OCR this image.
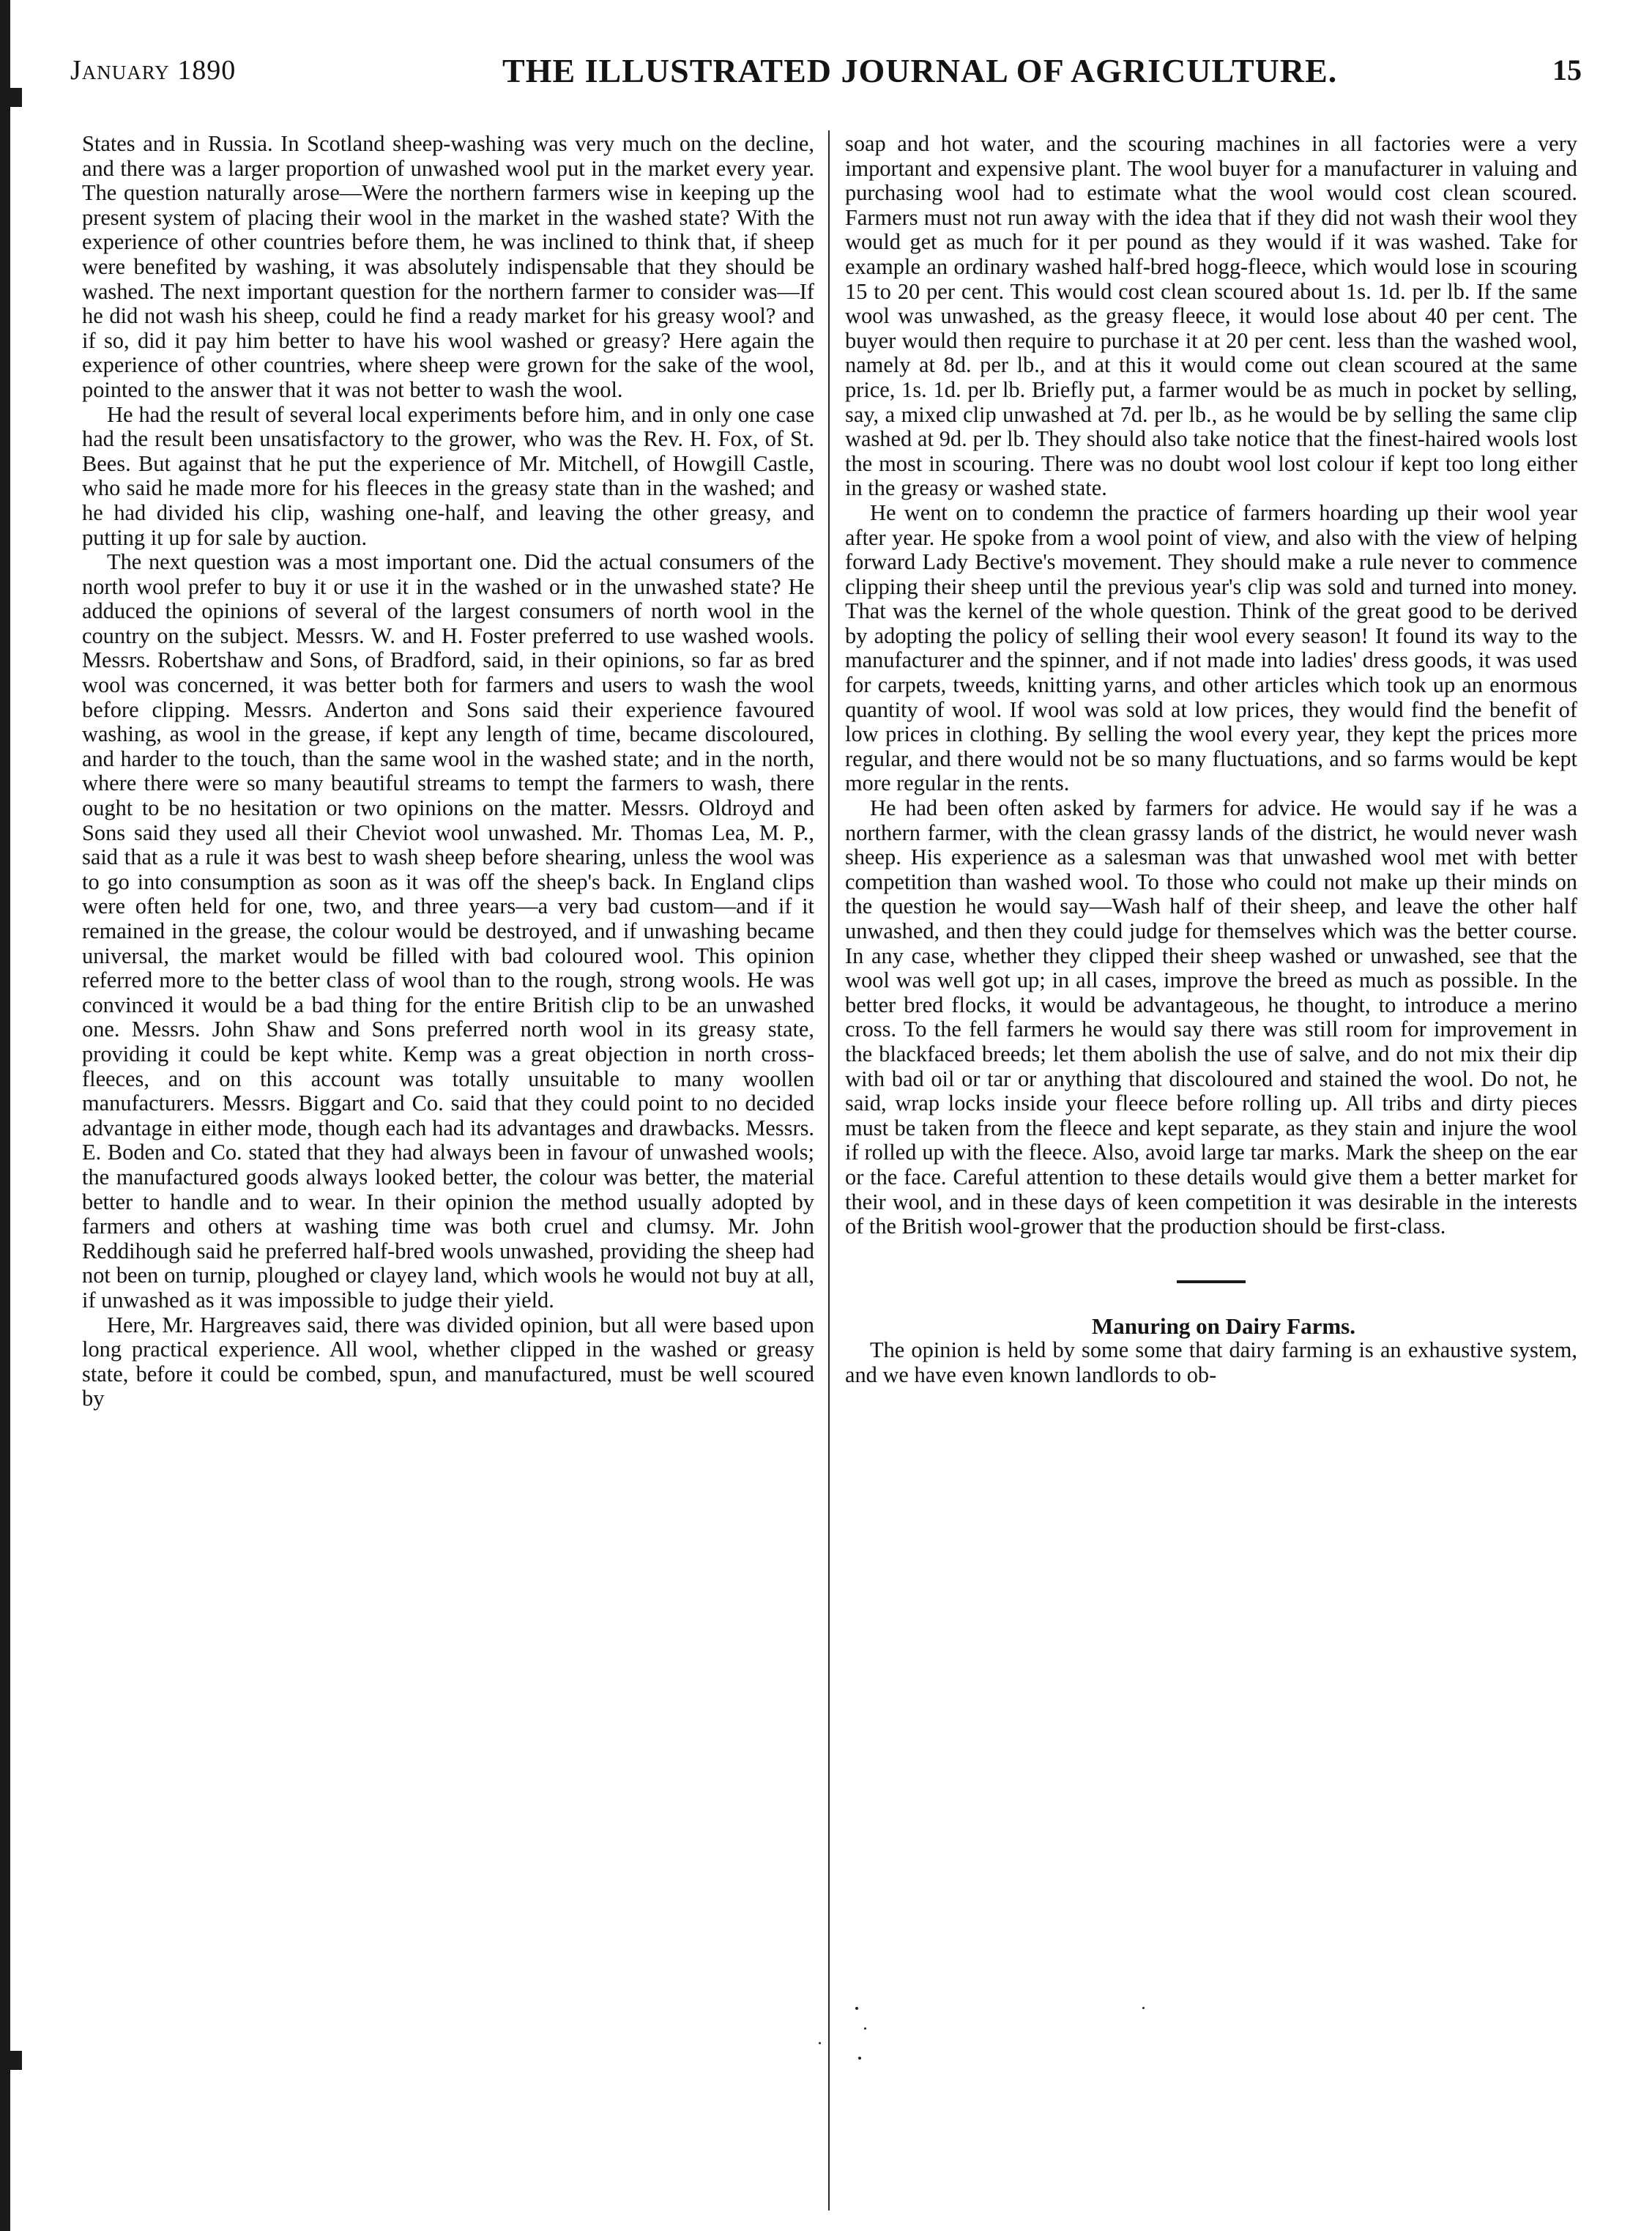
January 1890	THE ILLUSTRATED JOURNAL OF AGRICULTURE.	15

States and in Russia. In Scotland sheep-washing was very much on the decline, and there was a larger proportion of unwashed wool put in the market every year. The question naturally arose—Were the northern farmers wise in keeping up the present system of placing their wool in the market in the washed state? With the experience of other countries before them, he was inclined to think that, if sheep were benefited by washing, it was absolutely indispensable that they should be washed. The next important question for the northern farmer to consider was—If he did not wash his sheep, could he find a ready market for his greasy wool? and if so, did it pay him better to have his wool washed or greasy? Here again the experience of other countries, where sheep were grown for the sake of the wool, pointed to the answer that it was not better to wash the wool.

He had the result of several local experiments before him, and in only one case had the result been unsatisfactory to the grower, who was the Rev. H. Fox, of St. Bees. But against that he put the experience of Mr. Mitchell, of Howgill Castle, who said he made more for his fleeces in the greasy state than in the washed; and he had divided his clip, washing one-half, and leaving the other greasy, and putting it up for sale by auction.

The next question was a most important one. Did the actual consumers of the north wool prefer to buy it or use it in the washed or in the unwashed state? He adduced the opinions of several of the largest consumers of north wool in the country on the subject. Messrs. W. and H. Foster preferred to use washed wools. Messrs. Robertshaw and Sons, of Bradford, said, in their opinions, so far as bred wool was concerned, it was better both for farmers and users to wash the wool before clipping. Messrs. Anderton and Sons said their experience favoured washing, as wool in the grease, if kept any length of time, became discoloured, and harder to the touch, than the same wool in the washed state; and in the north, where there were so many beautiful streams to tempt the farmers to wash, there ought to be no hesitation or two opinions on the matter. Messrs. Oldroyd and Sons said they used all their Cheviot wool unwashed. Mr. Thomas Lea, M. P., said that as a rule it was best to wash sheep before shearing, unless the wool was to go into consumption as soon as it was off the sheep's back. In England clips were often held for one, two, and three years—a very bad custom—and if it remained in the grease, the colour would be destroyed, and if unwashing became universal, the market would be filled with bad coloured wool. This opinion referred more to the better class of wool than to the rough, strong wools. He was convinced it would be a bad thing for the entire British clip to be an unwashed one. Messrs. John Shaw and Sons preferred north wool in its greasy state, providing it could be kept white. Kemp was a great objection in north cross-fleeces, and on this account was totally unsuitable to many woollen manufacturers. Messrs. Biggart and Co. said that they could point to no decided advantage in either mode, though each had its advantages and drawbacks. Messrs. E. Boden and Co. stated that they had always been in favour of unwashed wools; the manufactured goods always looked better, the colour was better, the material better to handle and to wear. In their opinion the method usually adopted by farmers and others at washing time was both cruel and clumsy. Mr. John Reddihough said he preferred half-bred wools unwashed, providing the sheep had not been on turnip, ploughed or clayey land, which wools he would not buy at all, if unwashed as it was impossible to judge their yield.

Here, Mr. Hargreaves said, there was divided opinion, but all were based upon long practical experience. All wool, whether clipped in the washed or greasy state, before it could be combed, spun, and manufactured, must be well scoured by

soap and hot water, and the scouring machines in all factories were a very important and expensive plant. The wool buyer for a manufacturer in valuing and purchasing wool had to estimate what the wool would cost clean scoured. Farmers must not run away with the idea that if they did not wash their wool they would get as much for it per pound as they would if it was washed. Take for example an ordinary washed half-bred hogg-fleece, which would lose in scouring 15 to 20 per cent. This would cost clean scoured about 1s. 1d. per lb. If the same wool was unwashed, as the greasy fleece, it would lose about 40 per cent. The buyer would then require to purchase it at 20 per cent. less than the washed wool, namely at 8d. per lb., and at this it would come out clean scoured at the same price, 1s. 1d. per lb. Briefly put, a farmer would be as much in pocket by selling, say, a mixed clip unwashed at 7d. per lb., as he would be by selling the same clip washed at 9d. per lb. They should also take notice that the finest-haired wools lost the most in scouring. There was no doubt wool lost colour if kept too long either in the greasy or washed state.

He went on to condemn the practice of farmers hoarding up their wool year after year. He spoke from a wool point of view, and also with the view of helping forward Lady Bective's movement. They should make a rule never to commence clipping their sheep until the previous year's clip was sold and turned into money. That was the kernel of the whole question. Think of the great good to be derived by adopting the policy of selling their wool every season! It found its way to the manufacturer and the spinner, and if not made into ladies' dress goods, it was used for carpets, tweeds, knitting yarns, and other articles which took up an enormous quantity of wool. If wool was sold at low prices, they would find the benefit of low prices in clothing. By selling the wool every year, they kept the prices more regular, and there would not be so many fluctuations, and so farms would be kept more regular in the rents.

He had been often asked by farmers for advice. He would say if he was a northern farmer, with the clean grassy lands of the district, he would never wash sheep. His experience as a salesman was that unwashed wool met with better competition than washed wool. To those who could not make up their minds on the question he would say—Wash half of their sheep, and leave the other half unwashed, and then they could judge for themselves which was the better course. In any case, whether they clipped their sheep washed or unwashed, see that the wool was well got up; in all cases, improve the breed as much as possible. In the better bred flocks, it would be advantageous, he thought, to introduce a merino cross. To the fell farmers he would say there was still room for improvement in the blackfaced breeds; let them abolish the use of salve, and do not mix their dip with bad oil or tar or anything that discoloured and stained the wool. Do not, he said, wrap locks inside your fleece before rolling up. All tribs and dirty pieces must be taken from the fleece and kept separate, as they stain and injure the wool if rolled up with the fleece. Also, avoid large tar marks. Mark the sheep on the ear or the face. Careful attention to these details would give them a better market for their wool, and in these days of keen competition it was desirable in the interests of the British wool-grower that the production should be first-class.

Manuring on Dairy Farms.

The opinion is held by some some that dairy farming is an exhaustive system, and we have even known landlords to ob-
